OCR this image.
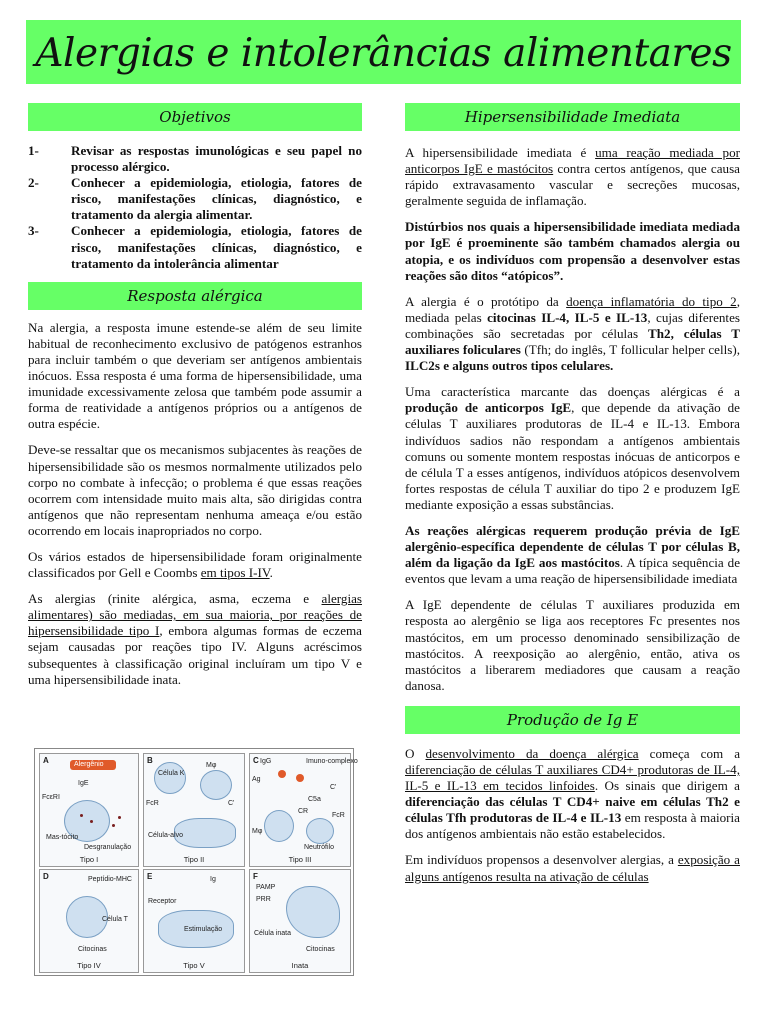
Alergias e intolerâncias alimentares
Objetivos
1- Revisar as respostas imunológicas e seu papel no processo alérgico.
2- Conhecer a epidemiologia, etiologia, fatores de risco, manifestações clínicas, diagnóstico, e tratamento da alergia alimentar.
3- Conhecer a epidemiologia, etiologia, fatores de risco, manifestações clínicas, diagnóstico, e tratamento da intolerância alimentar
Resposta alérgica

Na alergia, a resposta imune estende-se além de seu limite habitual de reconhecimento exclusivo de patógenos estranhos para incluir também o que deveriam ser antígenos ambientais inócuos. Essa resposta é uma forma de hipersensibilidade, uma imunidade excessivamente zelosa que também pode assumir a forma de reatividade a antígenos próprios ou a antígenos de outra espécie.

Deve-se ressaltar que os mecanismos subjacentes às reações de hipersensibilidade são os mesmos normalmente utilizados pelo corpo no combate à infecção; o problema é que essas reações ocorrem com intensidade muito mais alta, são dirigidas contra antígenos que não representam nenhuma ameaça e/ou estão ocorrendo em locais inapropriados no corpo.

Os vários estados de hipersensibilidade foram originalmente classificados por Gell e Coombs em tipos I-IV.

As alergias (rinite alérgica, asma, eczema e alergias alimentares) são mediadas, em sua maioria, por reações de hipersensibilidade tipo I, embora algumas formas de eczema sejam causadas por reações tipo IV. Alguns acréscimos subsequentes à classificação original incluíram um tipo V e uma hipersensibilidade inata.

A	Alergênio
IgE
FcεRI
Mas-tócito
Desgranulação
Tipo I
B
Célula K
Mφ
FcR	C'
Célula-alvo
Tipo II
C IgG	Imuno-complexo
Ag
C5a
C'
CR
FcR
Mφ
Neutrófilo
Tipo III
D	Peptídio-MHC
Célula T
Citocinas
Tipo IV
E	Ig
Receptor
Estimulação
Tipo V
F
PAMP
PRR
Célula inata
Citocinas
Inata
Hipersensibilidade Imediata

A hipersensibilidade imediata é uma reação mediada por anticorpos IgE e mastócitos contra certos antígenos, que causa rápido extravasamento vascular e secreções mucosas, geralmente seguida de inflamação.

Distúrbios nos quais a hipersensibilidade imediata mediada por IgE é proeminente são também chamados alergia ou atopia, e os indivíduos com propensão a desenvolver estas reações são ditos “atópicos”.

A alergia é o protótipo da doença inflamatória do tipo 2, mediada pelas citocinas IL-4, IL-5 e IL-13, cujas diferentes combinações são secretadas por células Th2, células T auxiliares foliculares (Tfh; do inglês, T follicular helper cells), ILC2s e alguns outros tipos celulares.

Uma característica marcante das doenças alérgicas é a produção de anticorpos IgE, que depende da ativação de células T auxiliares produtoras de IL-4 e IL-13. Embora indivíduos sadios não respondam a antígenos ambientais comuns ou somente montem respostas inócuas de anticorpos e de célula T a esses antígenos, indivíduos atópicos desenvolvem fortes respostas de célula T auxiliar do tipo 2 e produzem IgE mediante exposição a essas substâncias.

As reações alérgicas requerem produção prévia de IgE alergênio-específica dependente de células T por células B, além da ligação da IgE aos mastócitos. A típica sequência de eventos que levam a uma reação de hipersensibilidade imediata

A IgE dependente de células T auxiliares produzida em resposta ao alergênio se liga aos receptores Fc presentes nos mastócitos, em um processo denominado sensibilização de mastócitos. A reexposição ao alergênio, então, ativa os mastócitos a liberarem mediadores que causam a reação danosa.

Produção de Ig E

O desenvolvimento da doença alérgica começa com a diferenciação de células T auxiliares CD4+ produtoras de IL-4, IL-5 e IL-13 em tecidos linfoides. Os sinais que dirigem a diferenciação das células T CD4+ naive em células Th2 e células Tfh produtoras de IL-4 e IL-13 em resposta à maioria dos antígenos ambientais não estão estabelecidos.

Em indivíduos propensos a desenvolver alergias, a exposição a alguns antígenos resulta na ativação de células
